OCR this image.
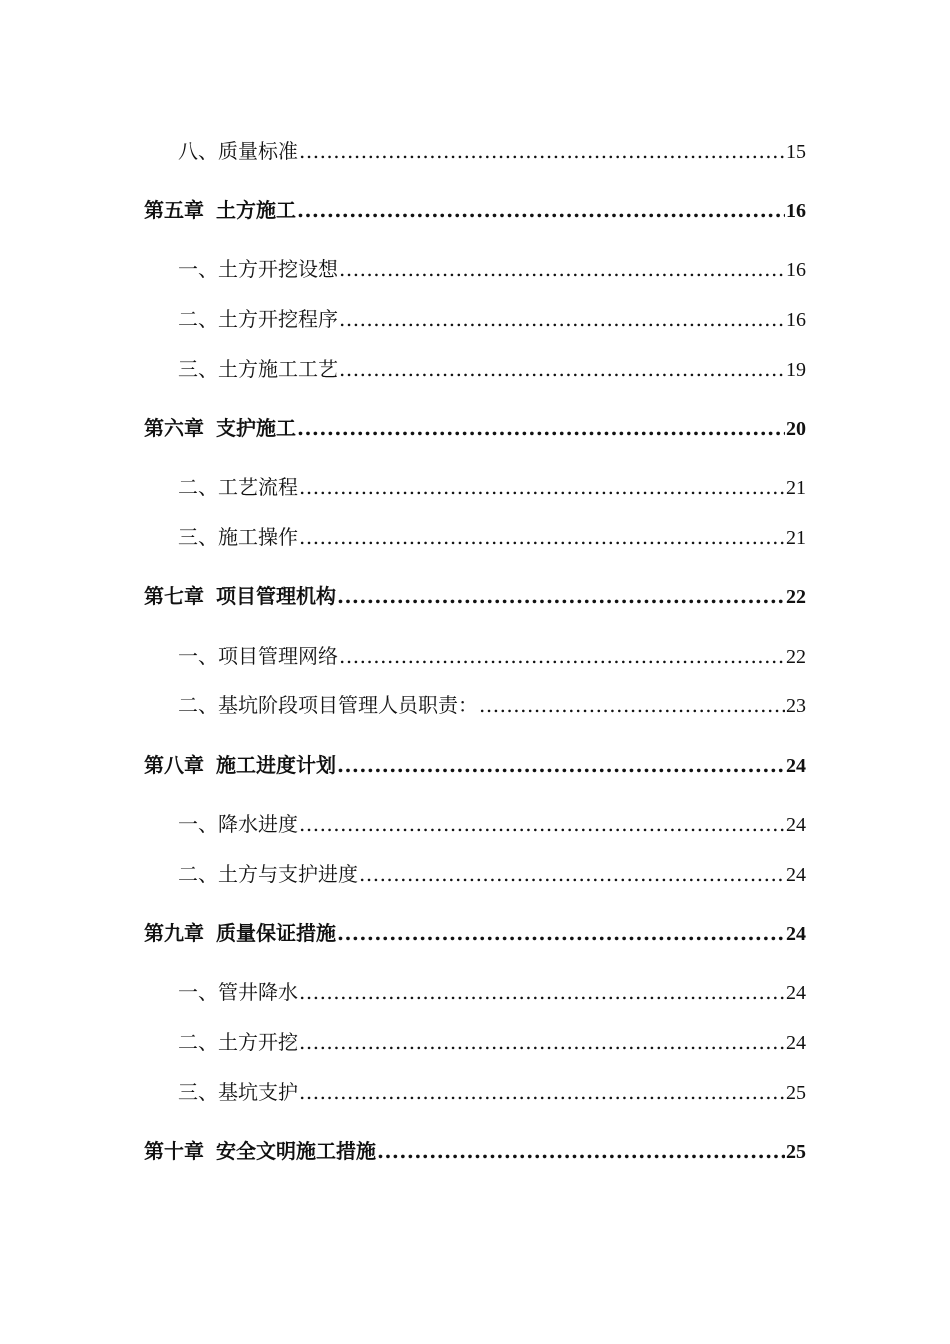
八、 质量标准 .....	15
第五章 土方施工 .....	16
一、 土方开挖设想 .....	16
二、 土方开挖程序 .....	16
三、 土方施工工艺 .....	19
第六章 支护施工 .....	20
二、 工艺流程 .....	21
三、 施工操作 .....	21
第七章 项目管理机构 .....	22
一、 项目管理网络 .....	22
二、 基坑阶段项目管理人员职责： .....	23
第八章 施工进度计划 .....	24
一、 降水进度 .....	24
二、 土方与支护进度 .....	24
第九章 质量保证措施 .....	24
一、 管井降水 .....	24
二、 土方开挖 .....	24
三、 基坑支护 .....	25
第十章 安全文明施工措施 .....	25
